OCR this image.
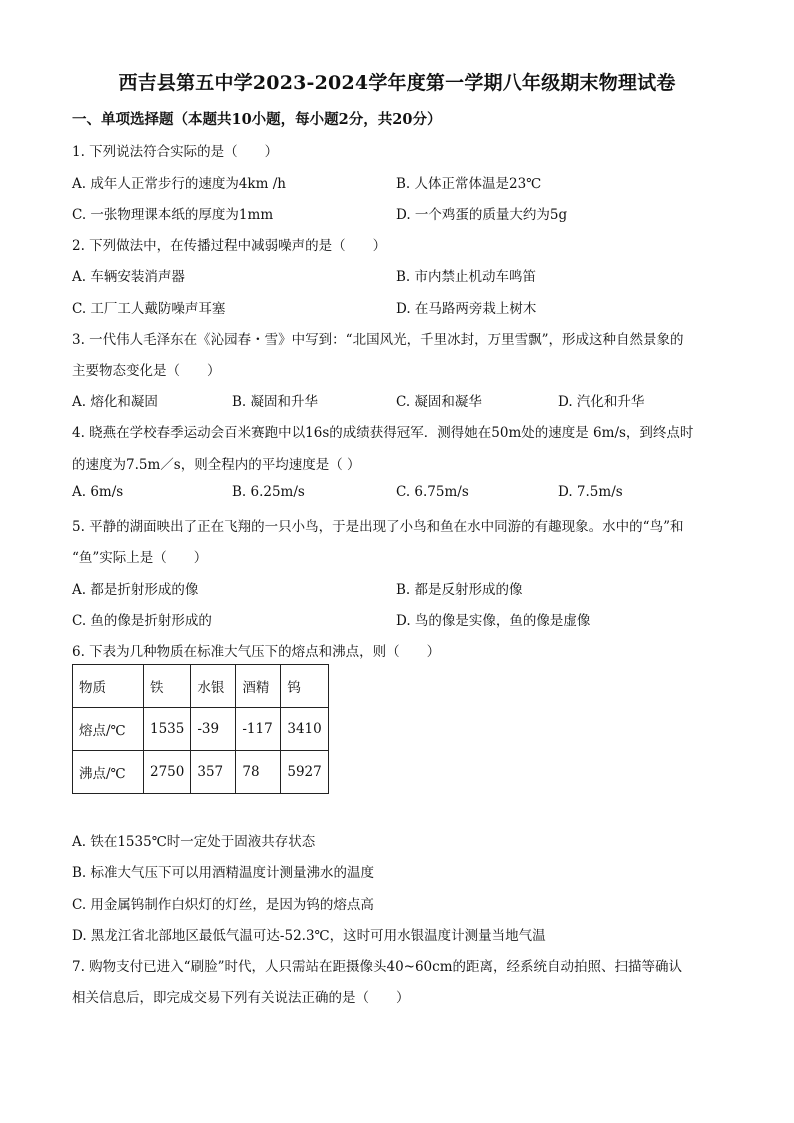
西吉县第五中学2023-2024学年度第一学期八年级期末物理试卷
一、单项选择题（本题共10小题，每小题2分，共20分）
1. 下列说法符合实际的是（　　）
A. 成年人正常步行的速度为4km /h	B. 人体正常体温是23℃
C. 一张物理课本纸的厚度为1mm	D. 一个鸡蛋的质量大约为5g
2. 下列做法中，在传播过程中减弱噪声的是（　　）
A. 车辆安装消声器	B. 市内禁止机动车鸣笛
C. 工厂工人戴防噪声耳塞	D. 在马路两旁栽上树木
3. 一代伟人毛泽东在《沁园春・雪》中写到：“北国风光，千里冰封，万里雪飘”，形成这种自然景象的
主要物态变化是（　　）
A. 熔化和凝固	B. 凝固和升华	C. 凝固和凝华	D. 汽化和升华
4. 晓燕在学校春季运动会百米赛跑中以16s的成绩获得冠军．测得她在50m处的速度是 6m/s，到终点时
的速度为7.5m／s，则全程内的平均速度是（ ）
A. 6m/s	B. 6.25m/s	C. 6.75m/s	D. 7.5m/s
5. 平静的湖面映出了正在飞翔的一只小鸟，于是出现了小鸟和鱼在水中同游的有趣现象。水中的“鸟”和
“鱼”实际上是（　　）
A. 都是折射形成的像	B. 都是反射形成的像
C. 鱼的像是折射形成的	D. 鸟的像是实像，鱼的像是虚像
6. 下表为几种物质在标准大气压下的熔点和沸点，则（　　）
物质	铁	水银	酒精	钨
熔点/℃	1535	-39	-117	3410
沸点/℃	2750	357	78	5927
A. 铁在1535℃时一定处于固液共存状态
B. 标准大气压下可以用酒精温度计测量沸水的温度
C. 用金属钨制作白炽灯的灯丝，是因为钨的熔点高
D. 黑龙江省北部地区最低气温可达-52.3℃，这时可用水银温度计测量当地气温
7. 购物支付已进入“刷脸”时代，人只需站在距摄像头40~60cm的距离，经系统自动拍照、扫描等确认
相关信息后，即完成交易下列有关说法正确的是（　　）
